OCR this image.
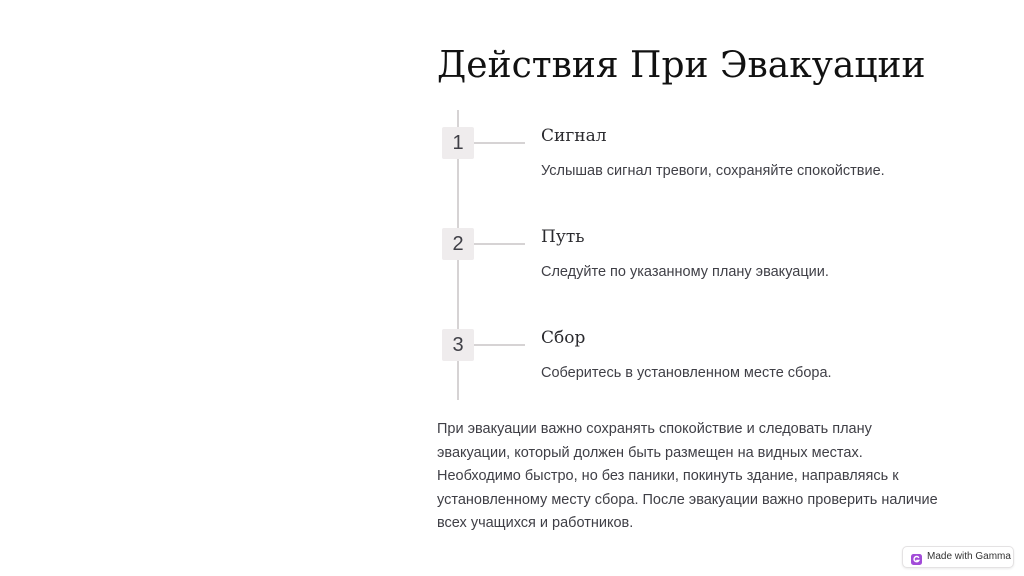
Действия При Эвакуации
1	Сигнал

Услышав сигнал тревоги, сохраняйте спокойствие.

2	Путь

Следуйте по указанному плану эвакуации.

3	Сбор

Соберитесь в установленном месте сбора.

При эвакуации важно сохранять спокойствие и следовать плану эвакуации, который должен быть размещен на видных местах. Необходимо быстро, но без паники, покинуть здание, направляясь к установленному месту сбора. После эвакуации важно проверить наличие всех учащихся и работников.

Made with Gamma
